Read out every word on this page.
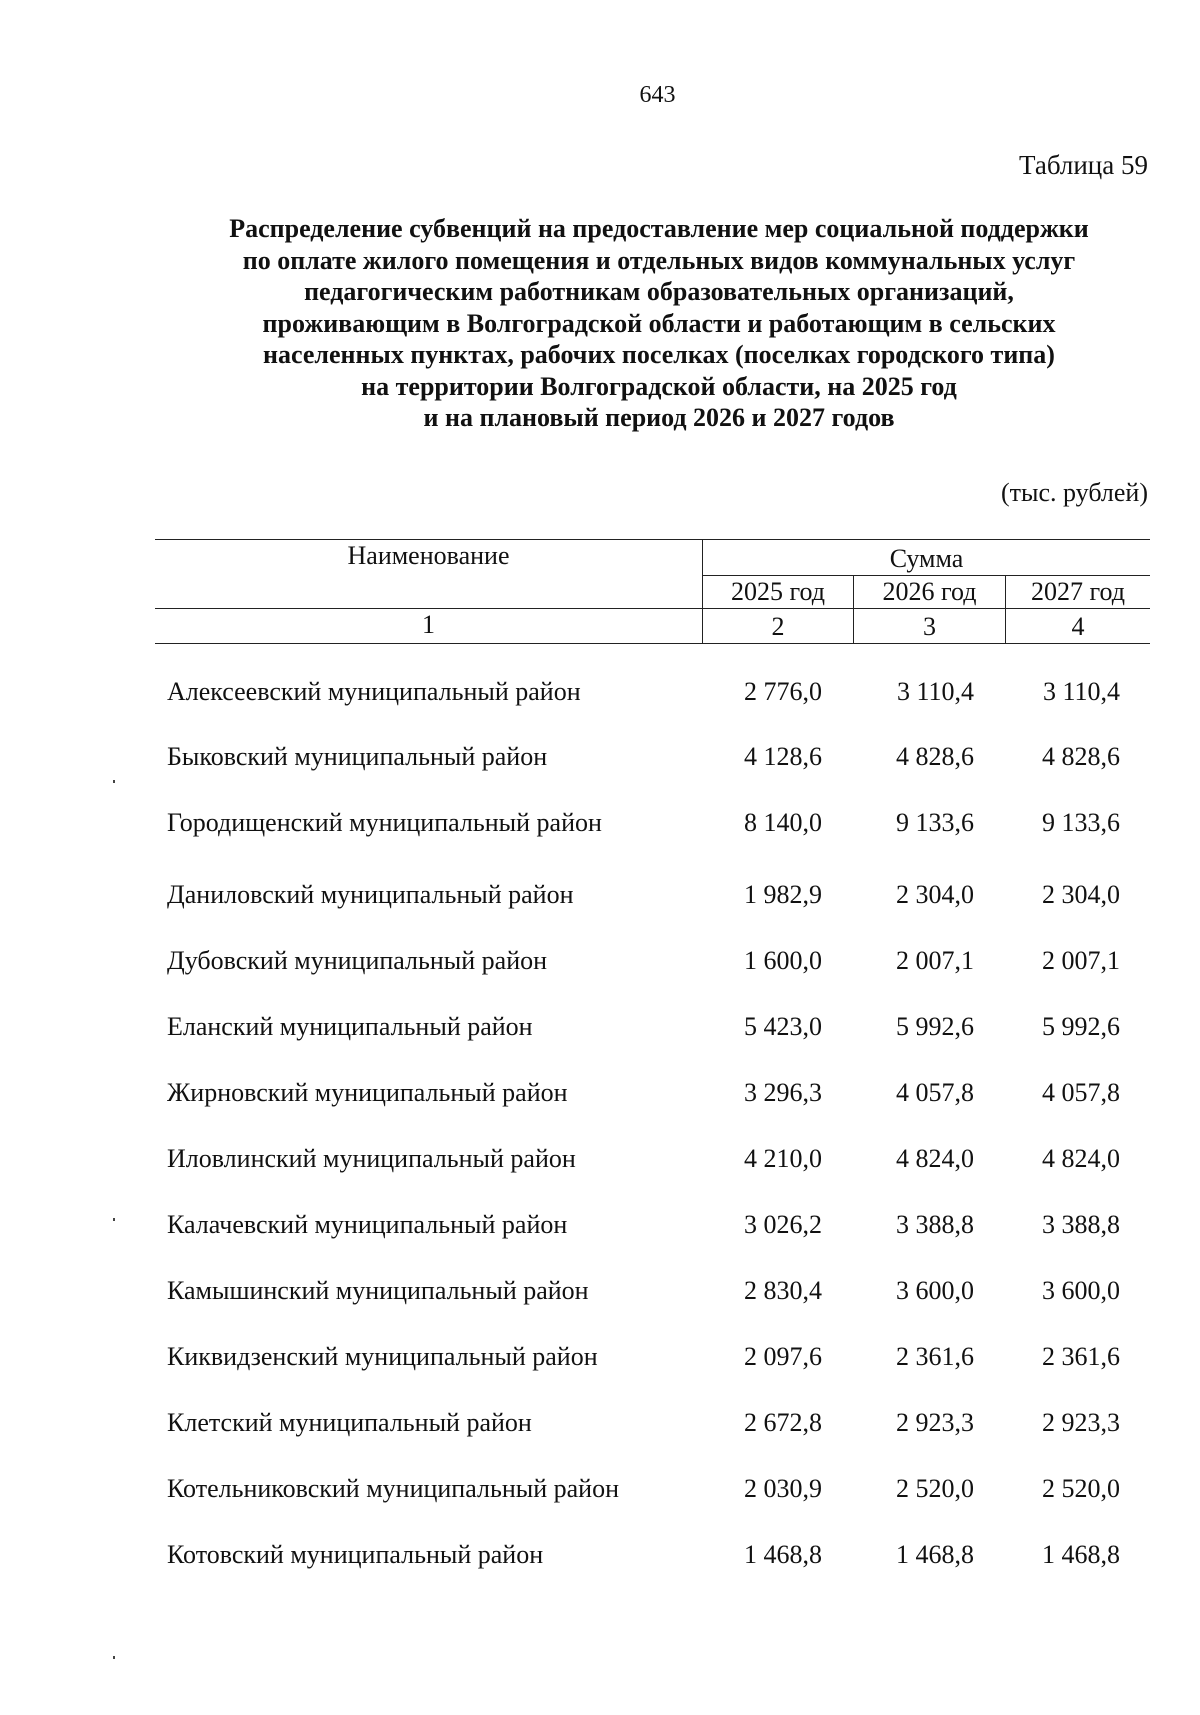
643
Таблица 59
Распределение субвенций на предоставление мер социальной поддержки
по оплате жилого помещения и отдельных видов коммунальных услуг
педагогическим работникам образовательных организаций,
проживающим в Волгоградской области и работающим в сельских
населенных пунктах, рабочих поселках (поселках городского типа)
на территории Волгоградской области, на 2025 год
и на плановый период 2026 и 2027 годов
(тыс. рублей)
Наименование	Сумма
2025 год	2026 год	2027 год
1	2	3	4
Алексеевский муниципальный район	2 776,0	3 110,4	3 110,4
Быковский муниципальный район	4 128,6	4 828,6	4 828,6
Городищенский муниципальный район	8 140,0	9 133,6	9 133,6
Даниловский муниципальный район	1 982,9	2 304,0	2 304,0
Дубовский муниципальный район	1 600,0	2 007,1	2 007,1
Еланский муниципальный район	5 423,0	5 992,6	5 992,6
Жирновский муниципальный район	3 296,3	4 057,8	4 057,8
Иловлинский муниципальный район	4 210,0	4 824,0	4 824,0
Калачевский муниципальный район	3 026,2	3 388,8	3 388,8
Камышинский муниципальный район	2 830,4	3 600,0	3 600,0
Киквидзенский муниципальный район	2 097,6	2 361,6	2 361,6
Клетский муниципальный район	2 672,8	2 923,3	2 923,3
Котельниковский муниципальный район	2 030,9	2 520,0	2 520,0
Котовский муниципальный район	1 468,8	1 468,8	1 468,8
